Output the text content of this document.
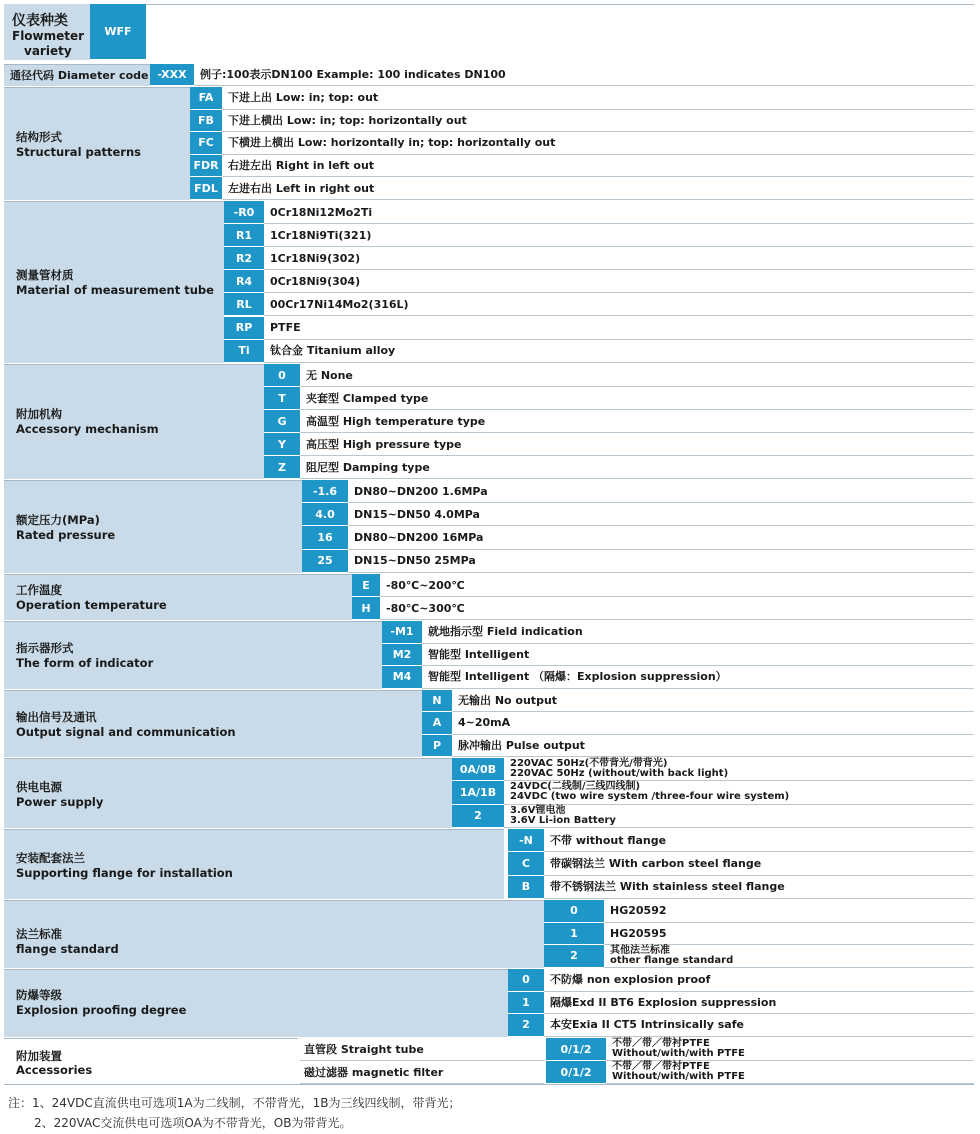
仪表种类
Flowmeter
variety
WFF
通径代码 Diameter code -XXX	例子:100表示DN100 Example: 100 indicates DN100
结构形式
Structural patterns
FA	下进上出 Low: in; top: out
FB	下进上横出 Low: in; top: horizontally out
FC	下横进上横出 Low: horizontally in; top: horizontally out
FDR 右进左出 Right in left out
FDL 左进右出 Left in right out
测量管材质
Material of measurement tube
-R0	0Cr18Ni12Mo2Ti
R1	1Cr18Ni9Ti(321)
R2	1Cr18Ni9(302)
R4	0Cr18Ni9(304)
RL	00Cr17Ni14Mo2(316L)
RP	PTFE
Ti	钛合金 Titanium alloy
附加机构
Accessory mechanism
0	无 None
T	夹套型 Clamped type
G	高温型 High temperature type
Y	高压型 High pressure type
Z	阻尼型 Damping type
额定压力(MPa)
Rated pressure
-1.6	DN80~DN200 1.6MPa
4.0	DN15~DN50 4.0MPa
16	DN80~DN200 16MPa
25	DN15~DN50 25MPa
工作温度
Operation temperature
E	-80℃~200℃
H	-80℃~300℃
指示器形式
The form of indicator
-M1	就地指示型 Field indication
M2	智能型 Intelligent
M4	智能型 Intelligent （隔爆：Explosion suppression）
输出信号及通讯
Output signal and communication
N	无输出 No output
A	4~20mA
P	脉冲输出 Pulse output
供电电源
Power supply
0A/0B	220VAC 50Hz(不带背光/带背光)
220VAC 50Hz (without/with back light)
1A/1B	24VDC(二线制/三线四线制)
24VDC (two wire system /three-four wire system)
2	3.6V锂电池
3.6V Li-ion Battery
安装配套法兰
Supporting flange for installation
-N	不带 without flange
C	带碳钢法兰 With carbon steel flange
B	带不锈钢法兰 With stainless steel flange
法兰标准
flange standard
0	HG20592
1	HG20595
2	其他法兰标准
other flange standard
防爆等级
Explosion proofing degree
0	不防爆 non explosion proof
1	隔爆Exd II BT6 Explosion suppression
2	本安Exia II CT5 Intrinsically safe
附加装置
Accessories
直管段 Straight tube	0/1/2	不带／带／带衬PTFE
Without/with/with PTFE
磁过滤器 magnetic filter	0/1/2	不带／带／带衬PTFE
Without/with/with PTFE
注：1、24VDC直流供电可选项1A为二线制，不带背光，1B为三线四线制，带背光；
2、220VAC交流供电可选项OA为不带背光，OB为带背光。
